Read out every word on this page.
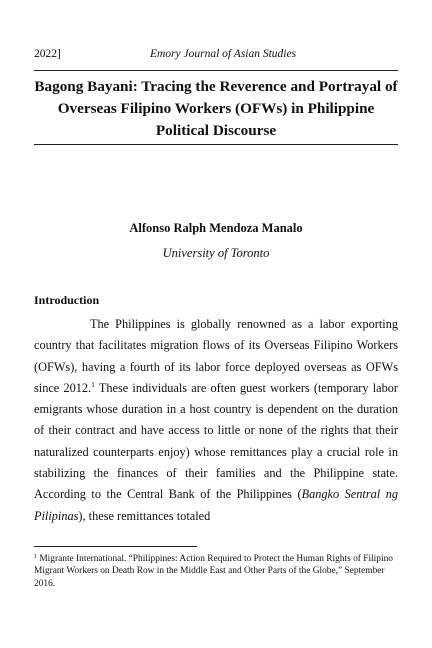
2022]	Emory Journal of Asian Studies
Bagong Bayani: Tracing the Reverence and Portrayal of Overseas Filipino Workers (OFWs) in Philippine Political Discourse
Alfonso Ralph Mendoza Manalo
University of Toronto
Introduction

The Philippines is globally renowned as a labor exporting country that facilitates migration flows of its Overseas Filipino Workers (OFWs), having a fourth of its labor force deployed overseas as OFWs since 2012.$^1$ These individuals are often guest workers (temporary labor emigrants whose duration in a host country is dependent on the duration of their contract and have access to little or none of the rights that their naturalized counterparts enjoy) whose remittances play a crucial role in stabilizing the finances of their families and the Philippine state. According to the Central Bank of the Philippines (Bangko Sentral ng Pilipinas), these remittances totaled

$^1$ Migrante International. “Philippines: Action Required to Protect the Human Rights of Filipino Migrant Workers on Death Row in the Middle East and Other Parts of the Globe,” September 2016.
